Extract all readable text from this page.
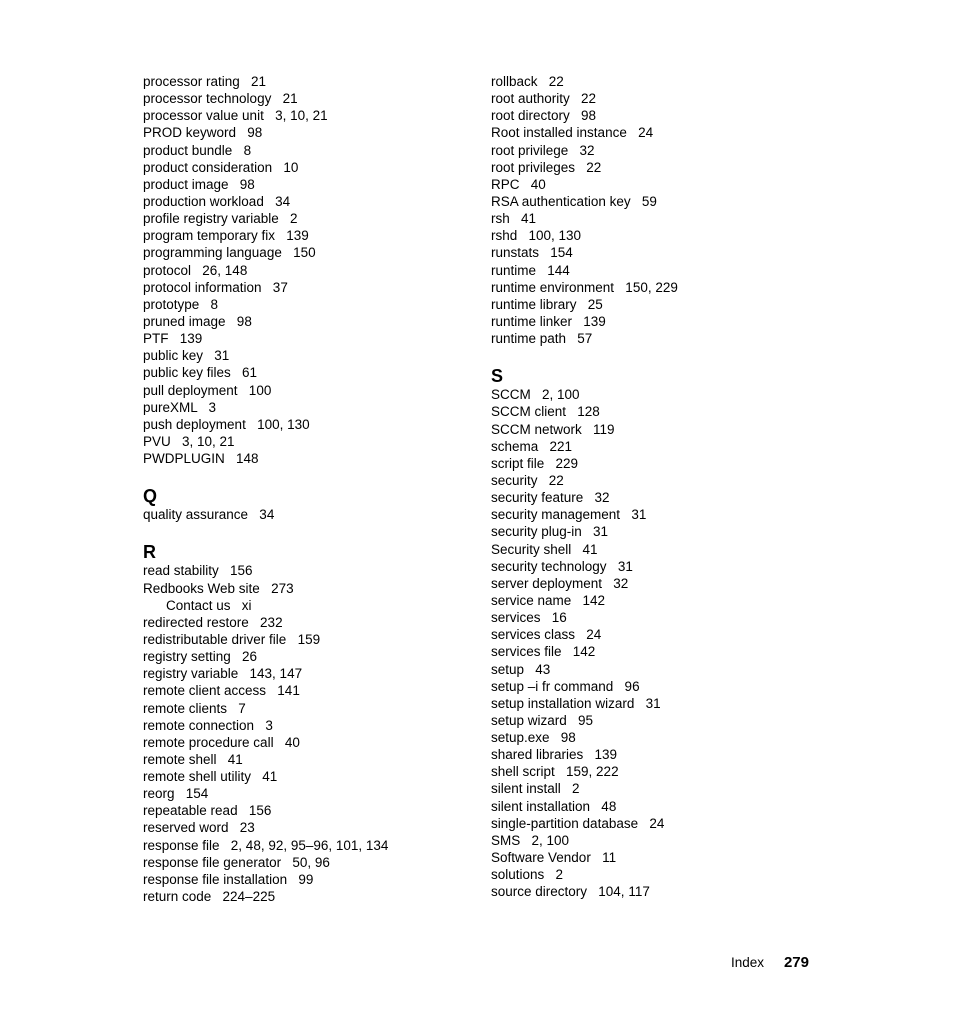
processor rating   21
processor technology   21
processor value unit   3, 10, 21
PROD keyword   98
product bundle   8
product consideration   10
product image   98
production workload   34
profile registry variable   2
program temporary fix   139
programming language   150
protocol   26, 148
protocol information   37
prototype   8
pruned image   98
PTF   139
public key   31
public key files   61
pull deployment   100
pureXML   3
push deployment   100, 130
PVU   3, 10, 21
PWDPLUGIN   148
Q
quality assurance   34
R
read stability   156
Redbooks Web site   273
Contact us   xi
redirected restore   232
redistributable driver file   159
registry setting   26
registry variable   143, 147
remote client access   141
remote clients   7
remote connection   3
remote procedure call   40
remote shell   41
remote shell utility   41
reorg   154
repeatable read   156
reserved word   23
response file   2, 48, 92, 95–96, 101, 134
response file generator   50, 96
response file installation   99
return code   224–225
rollback   22
root authority   22
root directory   98
Root installed instance   24
root privilege   32
root privileges   22
RPC   40
RSA authentication key   59
rsh   41
rshd   100, 130
runstats   154
runtime   144
runtime environment   150, 229
runtime library   25
runtime linker   139
runtime path   57
S
SCCM   2, 100
SCCM client   128
SCCM network   119
schema   221
script file   229
security   22
security feature   32
security management   31
security plug-in   31
Security shell   41
security technology   31
server deployment   32
service name   142
services   16
services class   24
services file   142
setup   43
setup –i fr command   96
setup installation wizard   31
setup wizard   95
setup.exe   98
shared libraries   139
shell script   159, 222
silent install   2
silent installation   48
single-partition database   24
SMS   2, 100
Software Vendor   11
solutions   2
source directory   104, 117
Index 279
